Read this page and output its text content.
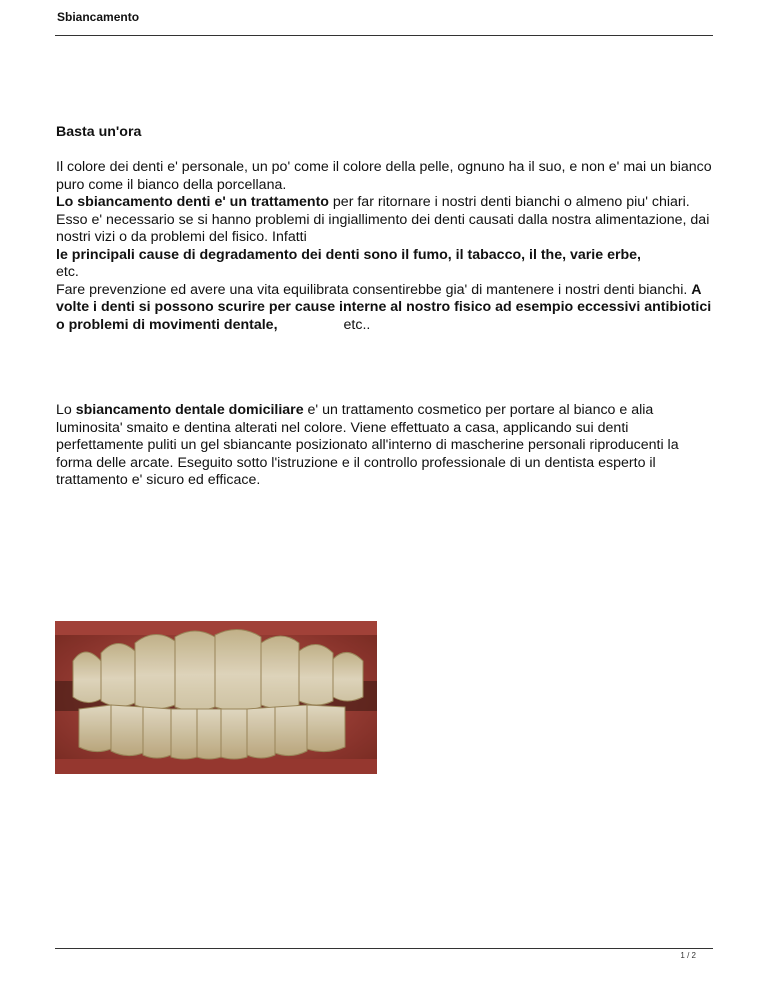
Sbiancamento

Basta un'ora

Il colore dei denti e' personale, un po' come il colore della pelle, ognuno ha il suo, e non e' mai un bianco puro come il bianco della porcellana.
Lo sbiancamento denti e' un trattamento per far ritornare i nostri denti bianchi o almeno piu' chiari. Esso e' necessario se si hanno problemi di ingiallimento dei denti causati dalla nostra alimentazione, dai nostri vizi o da problemi del fisico. Infatti
le principali cause di degradamento dei denti sono il fumo, il tabacco, il the, varie erbe,
etc.
Fare prevenzione ed avere una vita equilibrata consentirebbe gia' di mantenere i nostri denti bianchi. A volte i denti si possono scurire per cause interne al nostro fisico ad esempio eccessivi antibiotici o problemi di movimenti dentale,	etc..

Lo sbiancamento dentale domiciliare e' un trattamento cosmetico per portare al bianco e alia luminosita' smaito e dentina alterati nel colore. Viene effettuato a casa, applicando sui denti perfettamente puliti un gel sbiancante posizionato all'interno di mascherine personali riproducenti la forma delle arcate. Eseguito sotto l'istruzione e il controllo professionale di un dentista esperto il trattamento e' sicuro ed efficace.

1 / 2
